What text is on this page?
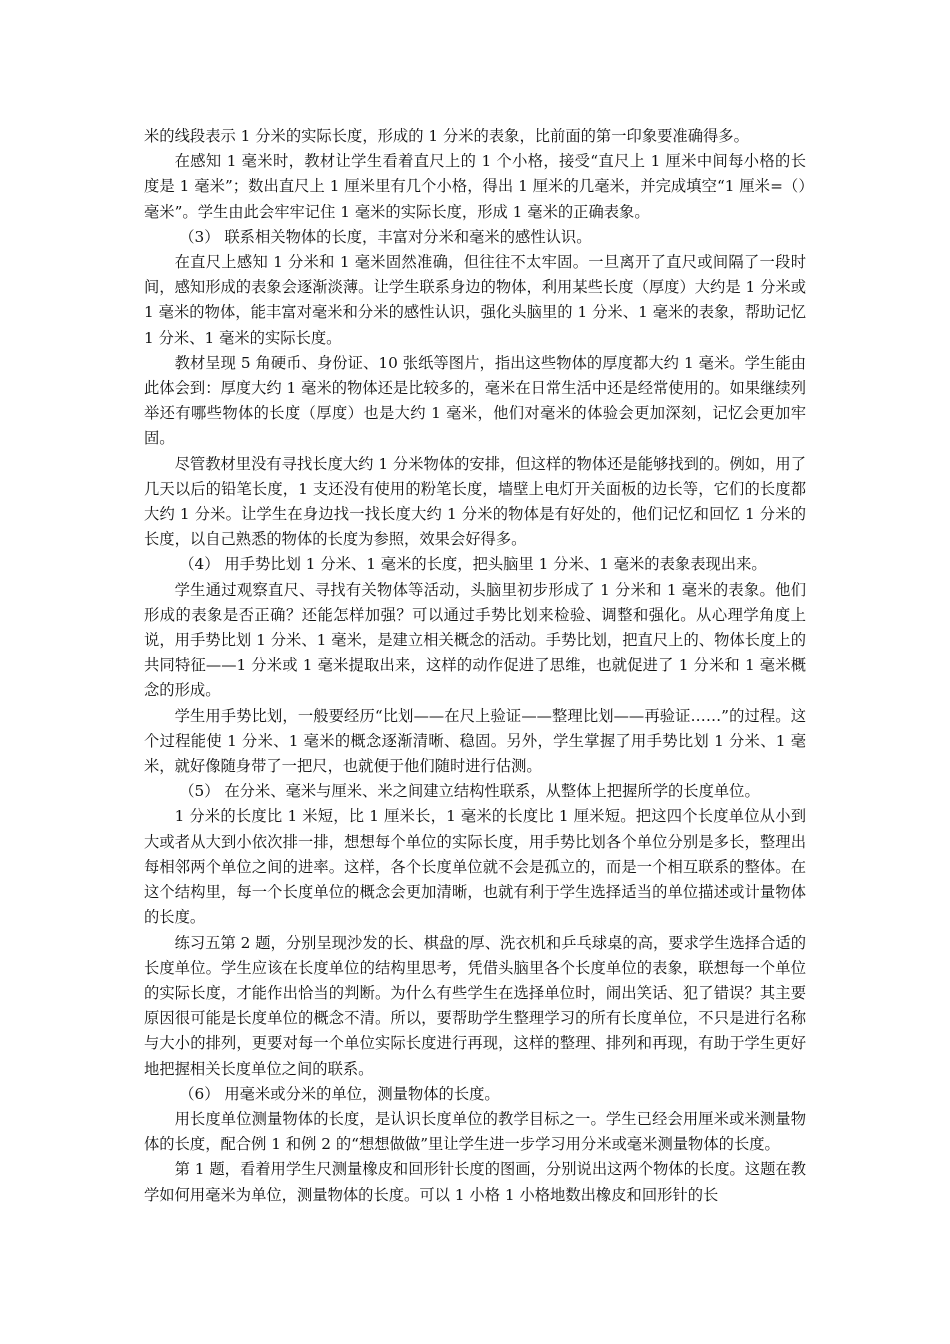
米的线段表示 1 分米的实际长度，形成的 1 分米的表象，比前面的第一印象要准确得多。

在感知 1 毫米时，教材让学生看着直尺上的 1 个小格，接受“直尺上 1 厘米中间每小格的长度是 1 毫米”；数出直尺上 1 厘米里有几个小格，得出 1 厘米的几毫米，并完成填空“1 厘米=（）毫米”。学生由此会牢牢记住 1 毫米的实际长度，形成 1 毫米的正确表象。

（3） 联系相关物体的长度，丰富对分米和毫米的感性认识。

在直尺上感知 1 分米和 1 毫米固然准确，但往往不太牢固。一旦离开了直尺或间隔了一段时间，感知形成的表象会逐渐淡薄。让学生联系身边的物体，利用某些长度（厚度）大约是 1 分米或 1 毫米的物体，能丰富对毫米和分米的感性认识，强化头脑里的 1 分米、1 毫米的表象，帮助记忆 1 分米、1 毫米的实际长度。

教材呈现 5 角硬币、身份证、10 张纸等图片，指出这些物体的厚度都大约 1 毫米。学生能由此体会到：厚度大约 1 毫米的物体还是比较多的，毫米在日常生活中还是经常使用的。如果继续列举还有哪些物体的长度（厚度）也是大约 1 毫米，他们对毫米的体验会更加深刻，记忆会更加牢固。

尽管教材里没有寻找长度大约 1 分米物体的安排，但这样的物体还是能够找到的。例如，用了几天以后的铅笔长度，1 支还没有使用的粉笔长度，墙壁上电灯开关面板的边长等，它们的长度都大约 1 分米。让学生在身边找一找长度大约 1 分米的物体是有好处的，他们记忆和回忆 1 分米的长度，以自己熟悉的物体的长度为参照，效果会好得多。

（4） 用手势比划 1 分米、1 毫米的长度，把头脑里 1 分米、1 毫米的表象表现出来。

学生通过观察直尺、寻找有关物体等活动，头脑里初步形成了 1 分米和 1 毫米的表象。他们形成的表象是否正确？还能怎样加强？可以通过手势比划来检验、调整和强化。从心理学角度上说，用手势比划 1 分米、1 毫米，是建立相关概念的活动。手势比划，把直尺上的、物体长度上的共同特征——1 分米或 1 毫米提取出来，这样的动作促进了思维，也就促进了 1 分米和 1 毫米概念的形成。

学生用手势比划，一般要经历“比划——在尺上验证——整理比划——再验证……”的过程。这个过程能使 1 分米、1 毫米的概念逐渐清晰、稳固。另外，学生掌握了用手势比划 1 分米、1 毫米，就好像随身带了一把尺，也就便于他们随时进行估测。

（5） 在分米、毫米与厘米、米之间建立结构性联系，从整体上把握所学的长度单位。

1 分米的长度比 1 米短，比 1 厘米长，1 毫米的长度比 1 厘米短。把这四个长度单位从小到大或者从大到小依次排一排，想想每个单位的实际长度，用手势比划各个单位分别是多长，整理出每相邻两个单位之间的进率。这样，各个长度单位就不会是孤立的，而是一个相互联系的整体。在这个结构里，每一个长度单位的概念会更加清晰，也就有利于学生选择适当的单位描述或计量物体的长度。

练习五第 2 题，分别呈现沙发的长、棋盘的厚、洗衣机和乒乓球桌的高，要求学生选择合适的长度单位。学生应该在长度单位的结构里思考，凭借头脑里各个长度单位的表象，联想每一个单位的实际长度，才能作出恰当的判断。为什么有些学生在选择单位时，闹出笑话、犯了错误？其主要原因很可能是长度单位的概念不清。所以，要帮助学生整理学习的所有长度单位，不只是进行名称与大小的排列，更要对每一个单位实际长度进行再现，这样的整理、排列和再现，有助于学生更好地把握相关长度单位之间的联系。

（6） 用毫米或分米的单位，测量物体的长度。

用长度单位测量物体的长度，是认识长度单位的教学目标之一。学生已经会用厘米或米测量物体的长度，配合例 1 和例 2 的“想想做做”里让学生进一步学习用分米或毫米测量物体的长度。

第 1 题，看着用学生尺测量橡皮和回形针长度的图画，分别说出这两个物体的长度。这题在教学如何用毫米为单位，测量物体的长度。可以 1 小格 1 小格地数出橡皮和回形针的长
